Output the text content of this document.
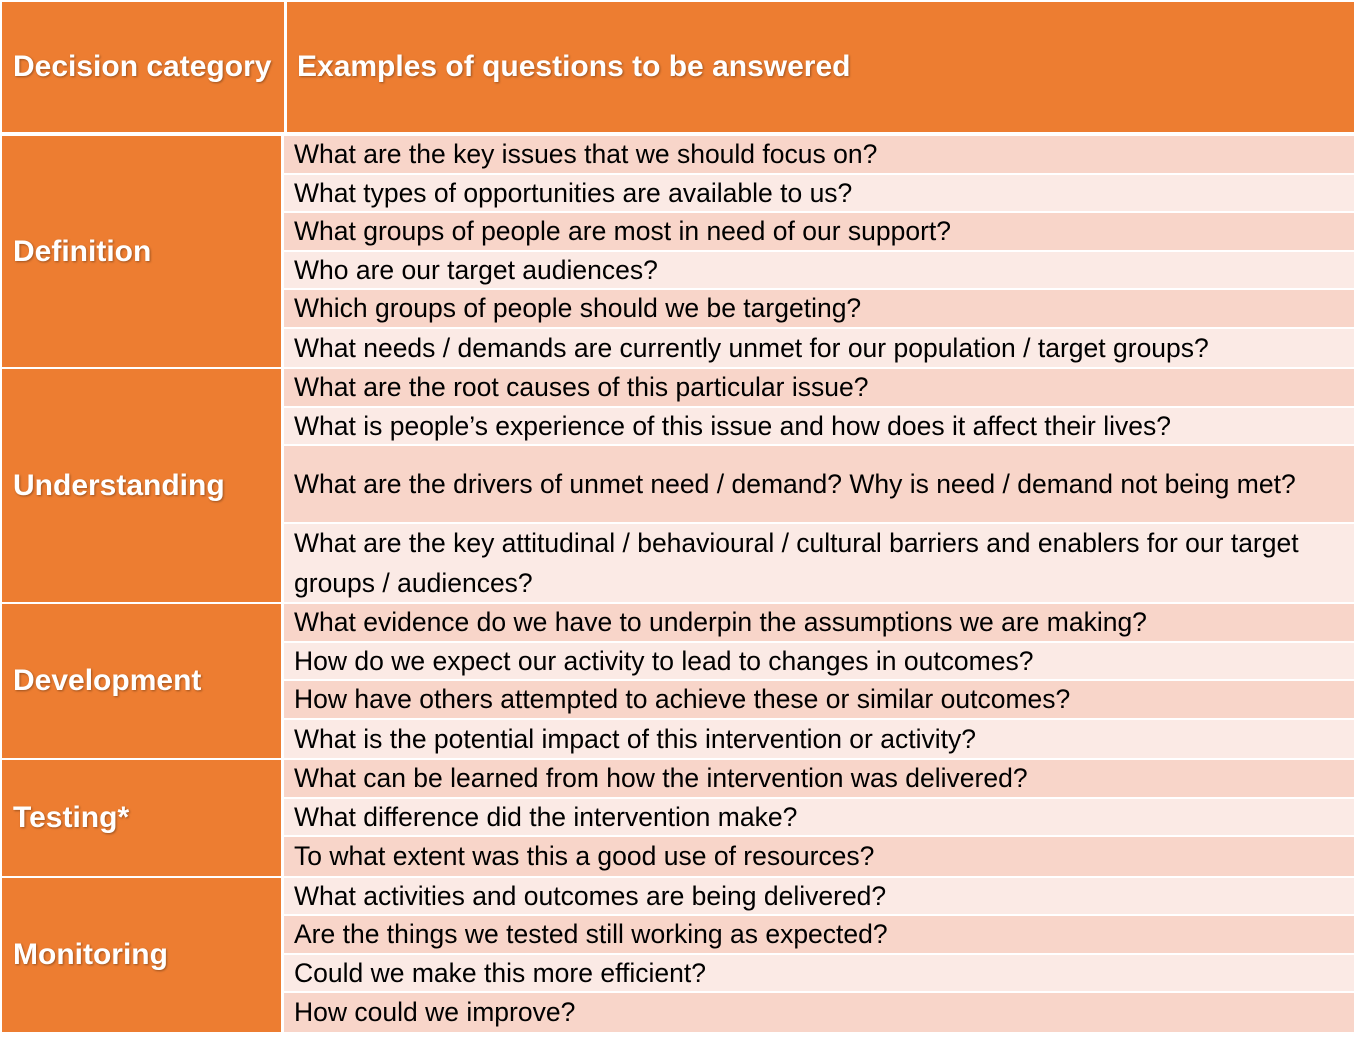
Decision category Examples of questions to be answered
Definition
What are the key issues that we should focus on?
What types of opportunities are available to us?
What groups of people are most in need of our support?
Who are our target audiences?
Which groups of people should we be targeting?
What needs / demands are currently unmet for our population / target groups?
Understanding
What are the root causes of this particular issue?
What is people’s experience of this issue and how does it affect their lives?
What are the drivers of unmet need / demand? Why is need / demand not being met?
What are the key attitudinal / behavioural / cultural barriers and enablers for our target groups / audiences?
Development
What evidence do we have to underpin the assumptions we are making?
How do we expect our activity to lead to changes in outcomes?
How have others attempted to achieve these or similar outcomes?
What is the potential impact of this intervention or activity?
Testing*
What can be learned from how the intervention was delivered?
What difference did the intervention make?
To what extent was this a good use of resources?
Monitoring
What activities and outcomes are being delivered?
Are the things we tested still working as expected?
Could we make this more efficient?
How could we improve?
